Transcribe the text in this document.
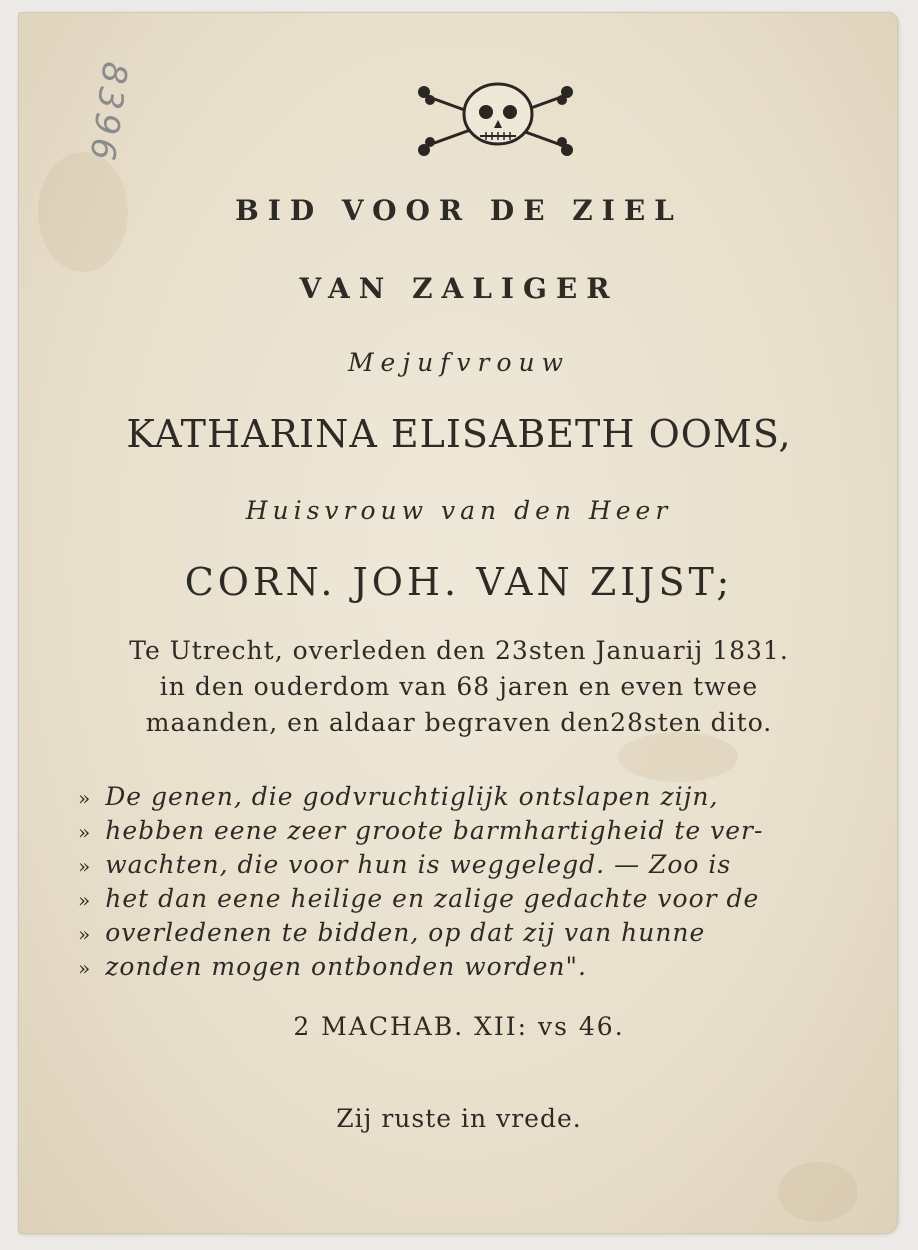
8396
BID VOOR DE ZIEL
VAN ZALIGER
Mejufvrouw
KATHARINA ELISABETH OOMS,
Huisvrouw van den Heer
CORN. JOH. VAN ZIJST;
Te Utrecht, overleden den 23sten Januarij 1831.
in den ouderdom van 68 jaren en even twee
maanden, en aldaar begraven den28sten dito.
» De genen, die godvruchtiglijk ontslapen zijn,
» hebben eene zeer groote barmhartigheid te ver-
» wachten, die voor hun is weggelegd. — Zoo is
» het dan eene heilige en zalige gedachte voor de
» overledenen te bidden, op dat zij van hunne
» zonden mogen ontbonden worden".
2 MACHAB. XII: vs 46.
Zij ruste in vrede.
